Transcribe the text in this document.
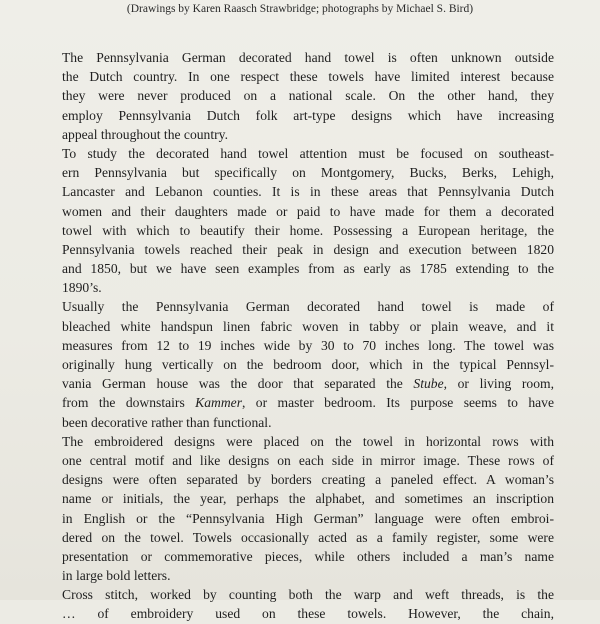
(Drawings by Karen Raasch Strawbridge; photographs by Michael S. Bird)
The Pennsylvania German decorated hand towel is often unknown outside
the Dutch country. In one respect these towels have limited interest because
they were never produced on a national scale. On the other hand, they
employ Pennsylvania Dutch folk art-type designs which have increasing
appeal throughout the country.
To study the decorated hand towel attention must be focused on southeast-
ern Pennsylvania but specifically on Montgomery, Bucks, Berks, Lehigh,
Lancaster and Lebanon counties. It is in these areas that Pennsylvania Dutch
women and their daughters made or paid to have made for them a decorated
towel with which to beautify their home. Possessing a European heritage, the
Pennsylvania towels reached their peak in design and execution between 1820
and 1850, but we have seen examples from as early as 1785 extending to the
1890’s.
Usually the Pennsylvania German decorated hand towel is made of
bleached white handspun linen fabric woven in tabby or plain weave, and it
measures from 12 to 19 inches wide by 30 to 70 inches long. The towel was
originally hung vertically on the bedroom door, which in the typical Pennsyl-
vania German house was the door that separated the Stube, or living room,
from the downstairs Kammer, or master bedroom. Its purpose seems to have
been decorative rather than functional.
The embroidered designs were placed on the towel in horizontal rows with
one central motif and like designs on each side in mirror image. These rows of
designs were often separated by borders creating a paneled effect. A woman’s
name or initials, the year, perhaps the alphabet, and sometimes an inscription
in English or the “Pennsylvania High German” language were often embroi-
dered on the towel. Towels occasionally acted as a family register, some were
presentation or commemorative pieces, while others included a man’s name
in large bold letters.
Cross stitch, worked by counting both the warp and weft threads, is the
… of embroidery used on these towels. However, the chain,
